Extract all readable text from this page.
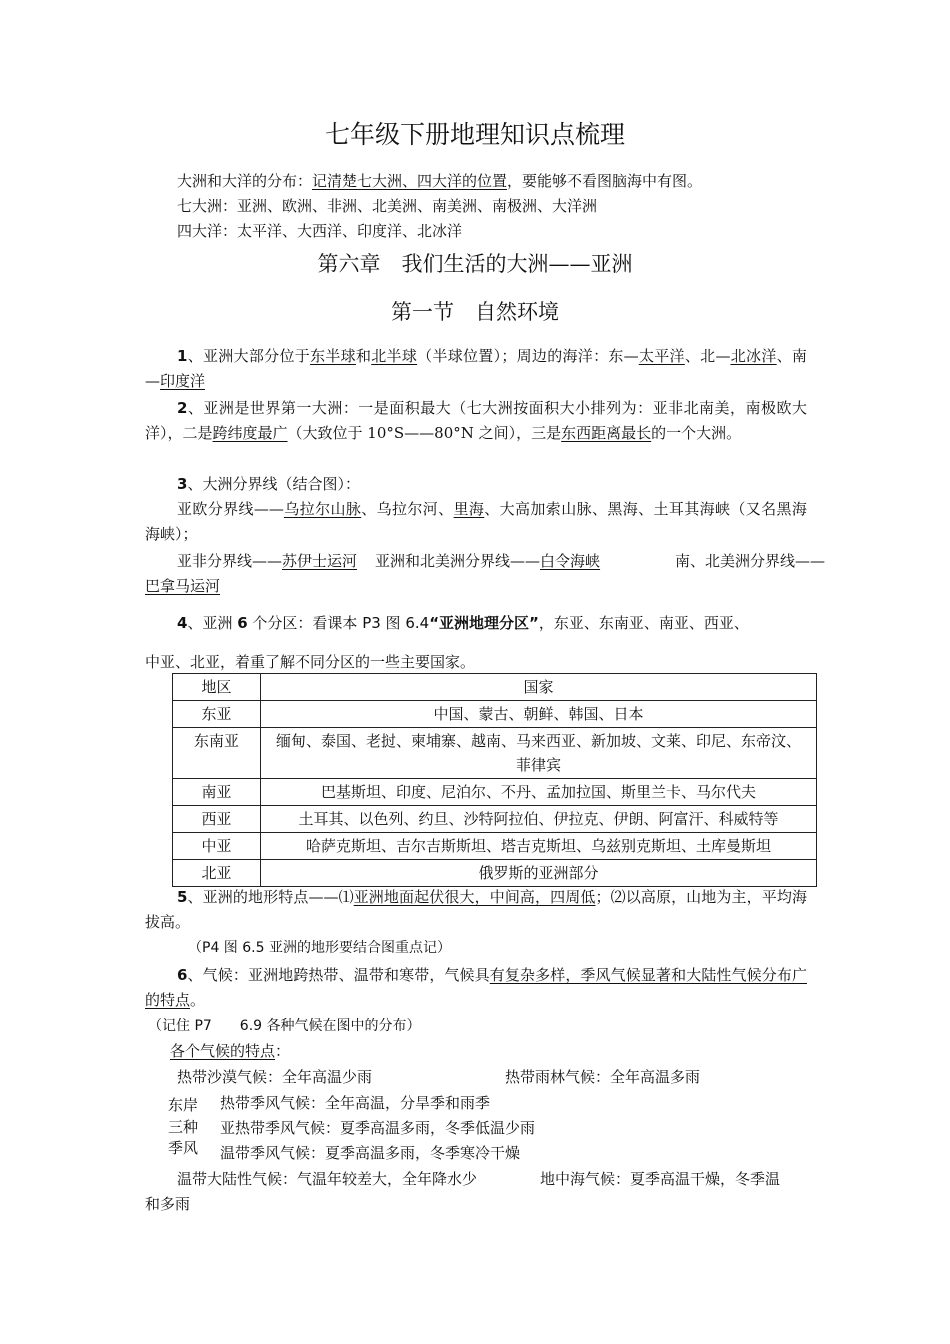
七年级下册地理知识点梳理
大洲和大洋的分布：记清楚七大洲、四大洋的位置，要能够不看图脑海中有图。
七大洲：亚洲、欧洲、非洲、北美洲、南美洲、南极洲、大洋洲
四大洋：太平洋、大西洋、印度洋、北冰洋
第六章　我们生活的大洲——亚洲
第一节　自然环境
1、亚洲大部分位于东半球和北半球（半球位置）；周边的海洋：东—太平洋、北—北冰洋、南—印度洋
2、亚洲是世界第一大洲：一是面积最大（七大洲按面积大小排列为：亚非北南美，南极欧大洋），二是跨纬度最广（大致位于 10°S——80°N 之间），三是东西距离最长的一个大洲。
3、大洲分界线（结合图）：
亚欧分界线——乌拉尔山脉、乌拉尔河、里海、大高加索山脉、黑海、土耳其海峡（又名黑海海峡）；
亚非分界线——苏伊士运河 亚洲和北美洲分界线——白令海峡	南、北美洲分界线——
巴拿马运河
4、亚洲 6 个分区：看课本 P3 图 6.4“亚洲地理分区”，东亚、东南亚、南亚、西亚、
中亚、北亚，着重了解不同分区的一些主要国家。
地区	国家
东亚	中国、蒙古、朝鲜、韩国、日本
东南亚	缅甸、泰国、老挝、柬埔寨、越南、马来西亚、新加坡、文莱、印尼、东帝汶、菲律宾
南亚	巴基斯坦、印度、尼泊尔、不丹、孟加拉国、斯里兰卡、马尔代夫
西亚	土耳其、以色列、约旦、沙特阿拉伯、伊拉克、伊朗、阿富汗、科威特等
中亚	哈萨克斯坦、吉尔吉斯斯坦、塔吉克斯坦、乌兹别克斯坦、土库曼斯坦
北亚	俄罗斯的亚洲部分
5、亚洲的地形特点——⑴亚洲地面起伏很大，中间高，四周低；⑵以高原，山地为主，平均海拔高。
（P4 图 6.5 亚洲的地形要结合图重点记）
6、气候：亚洲地跨热带、温带和寒带，气候具有复杂多样，季风气候显著和大陆性气候分布广的特点。
（记住 P7　　6.9 各种气候在图中的分布）
各个气候的特点：
热带沙漠气候：全年高温少雨	热带雨林气候：全年高温多雨
东岸
三种
季风
热带季风气候：全年高温，分旱季和雨季
亚热带季风气候：夏季高温多雨，冬季低温少雨
温带季风气候：夏季高温多雨，冬季寒冷干燥
温带大陆性气候：气温年较差大，全年降水少	地中海气候：夏季高温干燥，冬季温
和多雨
